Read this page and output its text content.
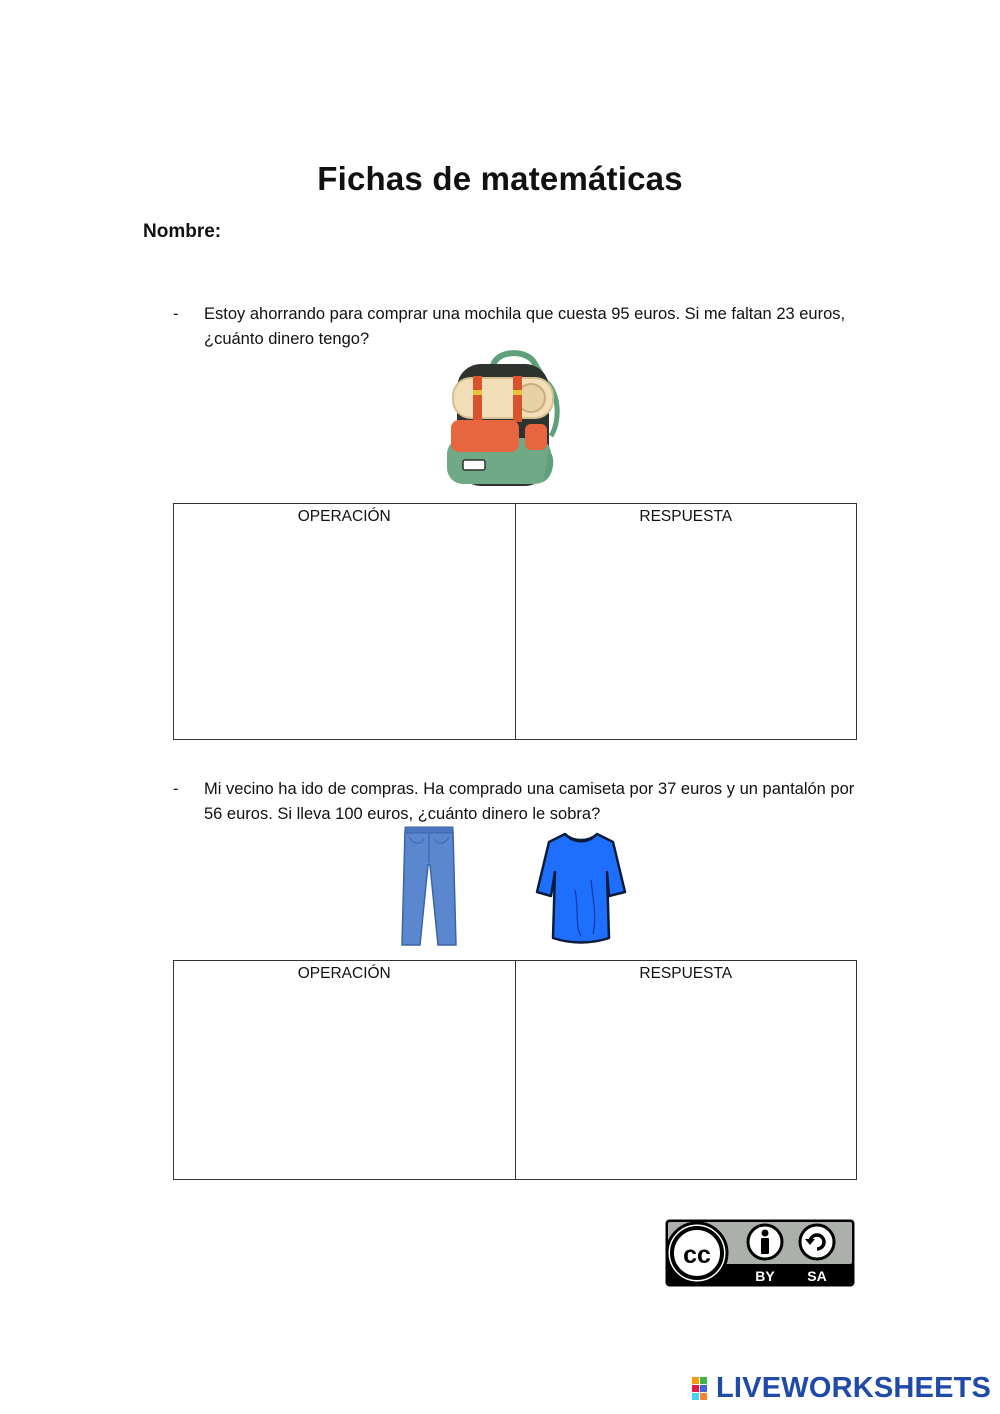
Fichas de matemáticas
Nombre:
- Estoy ahorrando para comprar una mochila que cuesta 95 euros. Si me faltan 23 euros, ¿cuánto dinero tengo?
OPERACIÓN	RESPUESTA
- Mi vecino ha ido de compras. Ha comprado una camiseta por 37 euros y un pantalón por 56 euros. Si lleva 100 euros, ¿cuánto dinero le sobra?
OPERACIÓN	RESPUESTA
cc
BY SA
LIVEWORKSHEETS
